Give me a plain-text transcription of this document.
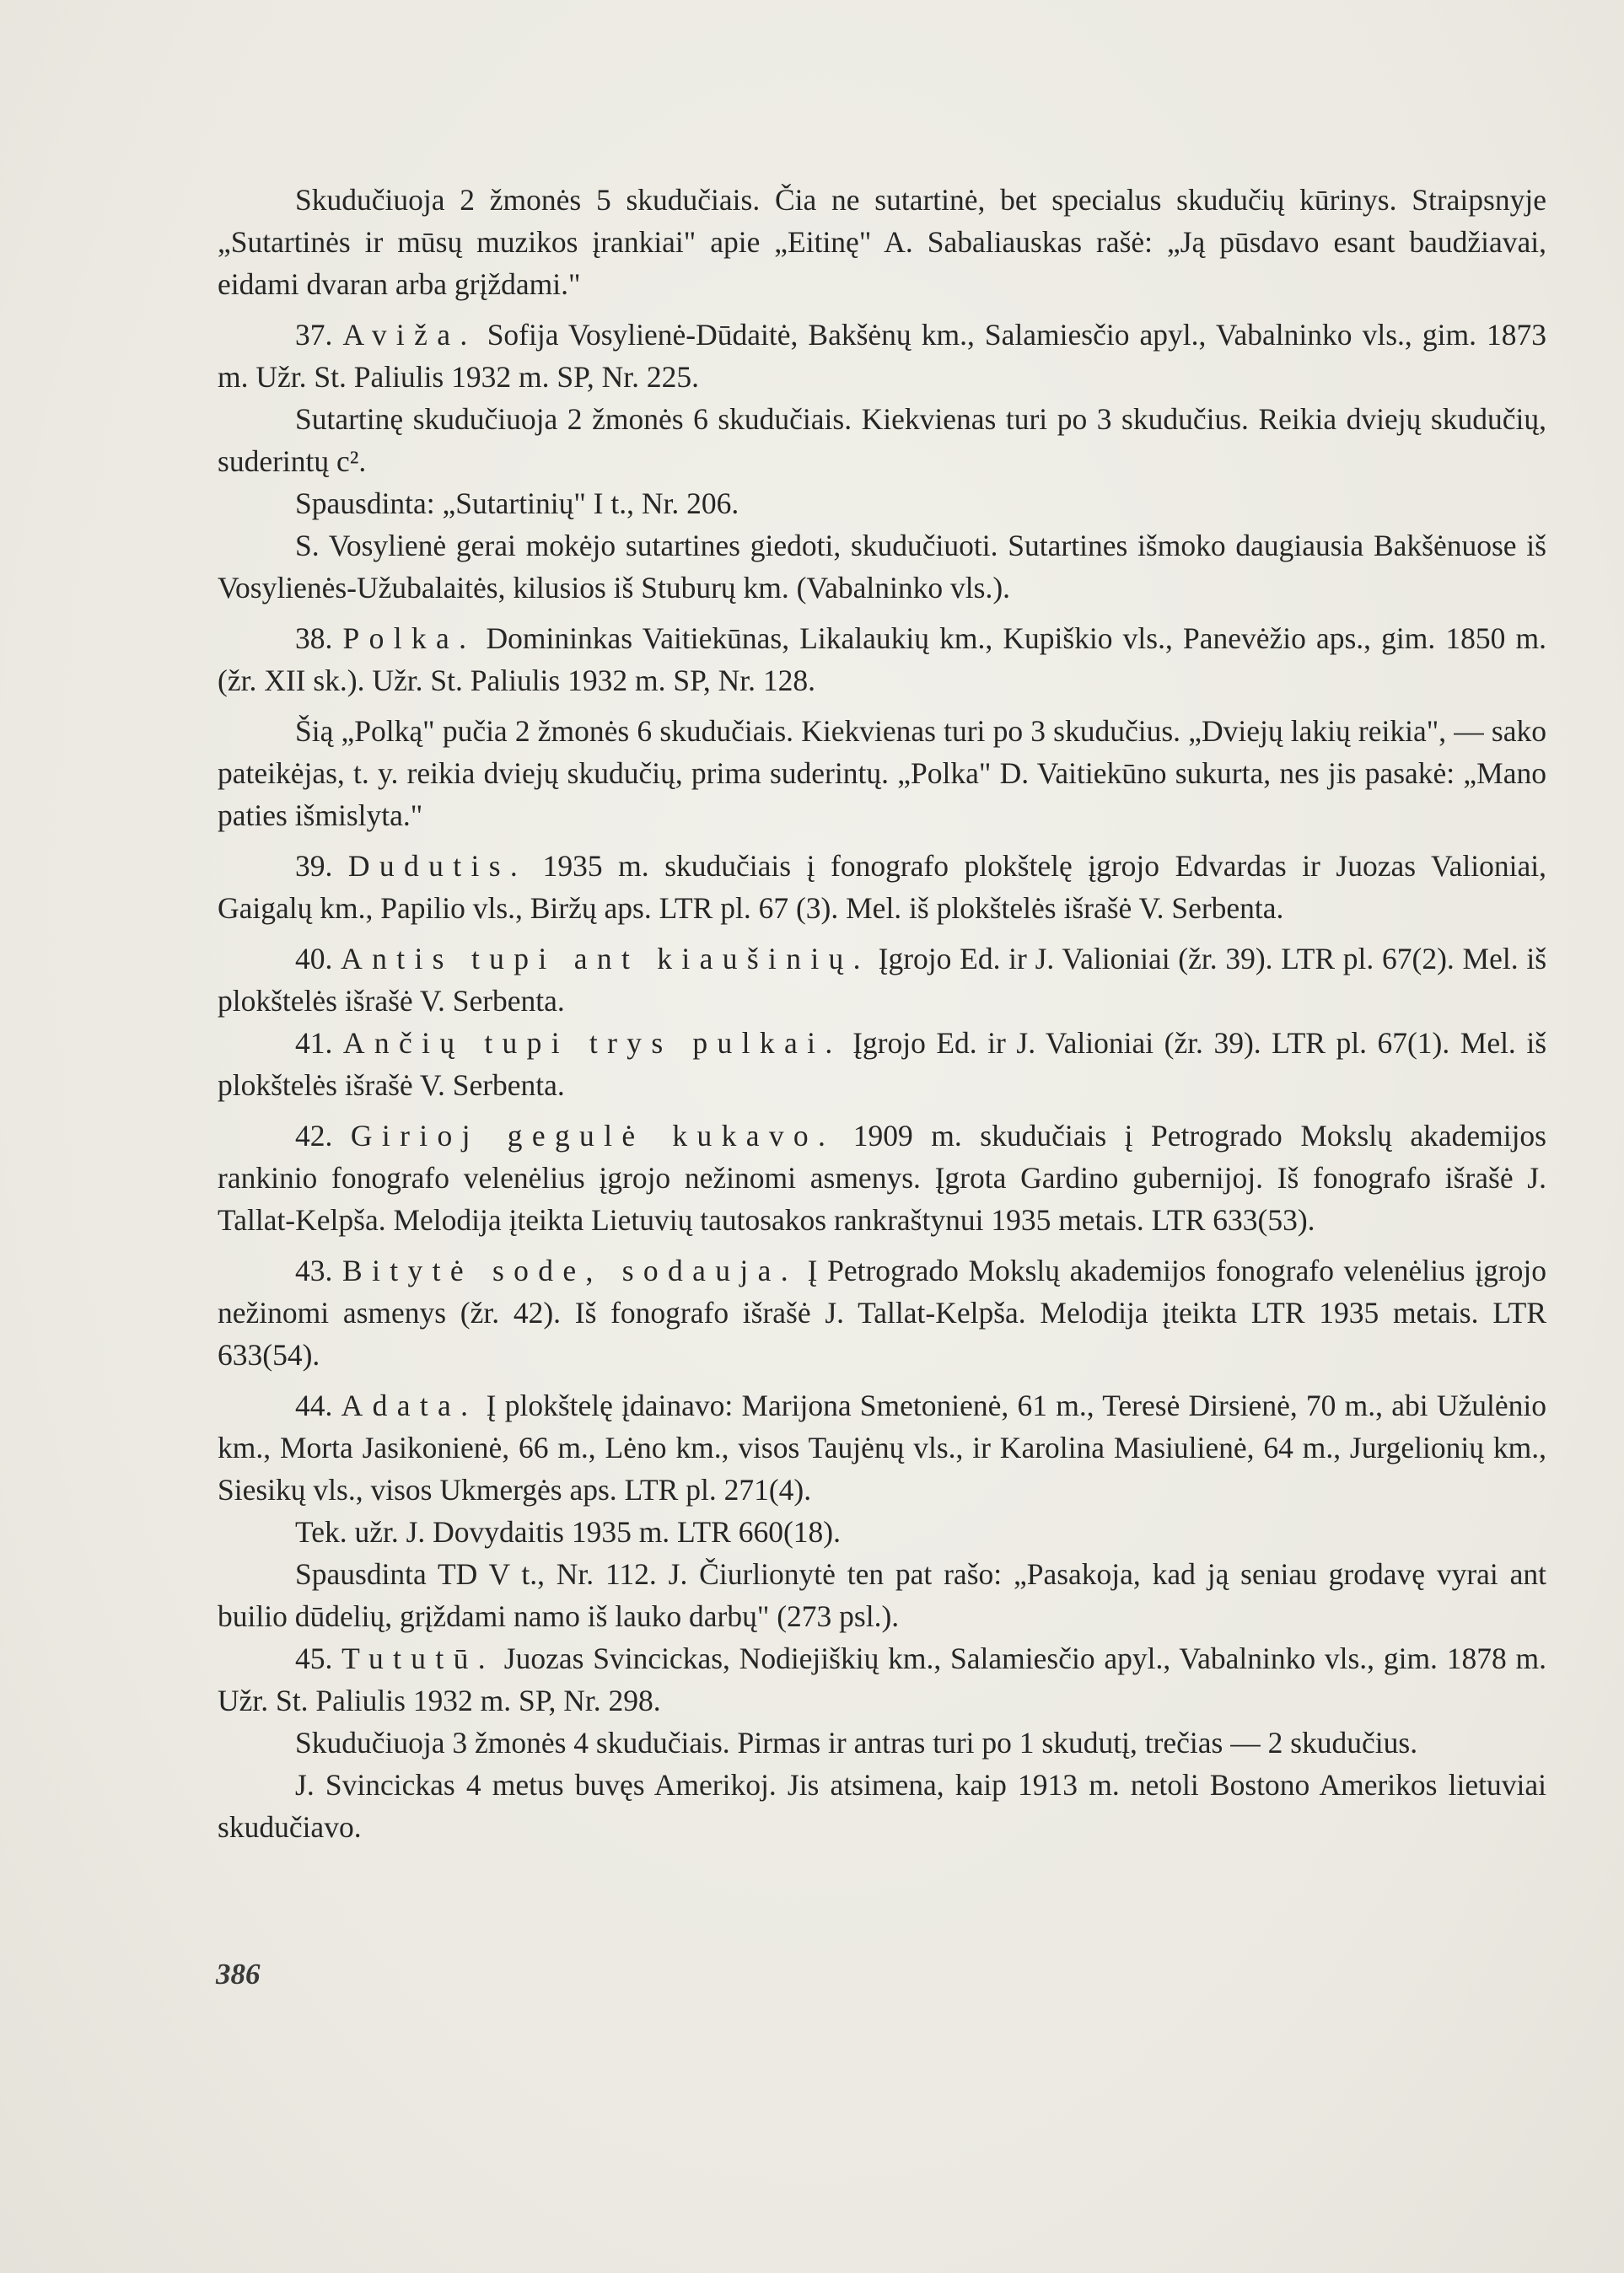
Skudučiuoja 2 žmonės 5 skudučiais. Čia ne sutartinė, bet specialus skudučių kūrinys. Straipsnyje „Sutartinės ir mūsų muzikos įrankiai" apie „Eitinę" A. Sabaliauskas rašė: „Ją pūsdavo esant baudžiavai, eidami dvaran arba grįždami."

37. Aviža. Sofija Vosylienė-Dūdaitė, Bakšėnų km., Salamiesčio apyl., Vabalninko vls., gim. 1873 m. Užr. St. Paliulis 1932 m. SP, Nr. 225.

Sutartinę skudučiuoja 2 žmonės 6 skudučiais. Kiekvienas turi po 3 skudučius. Reikia dviejų skudučių, suderintų c².

Spausdinta: „Sutartinių" I t., Nr. 206.

S. Vosylienė gerai mokėjo sutartines giedoti, skudučiuoti. Sutartines išmoko daugiausia Bakšėnuose iš Vosylienės-Užubalaitės, kilusios iš Stuburų km. (Vabalninko vls.).

38. Polka. Domininkas Vaitiekūnas, Likalaukių km., Kupiškio vls., Panevėžio aps., gim. 1850 m. (žr. XII sk.). Užr. St. Paliulis 1932 m. SP, Nr. 128.

Šią „Polką" pučia 2 žmonės 6 skudučiais. Kiekvienas turi po 3 skudučius. „Dviejų lakių reikia", — sako pateikėjas, t. y. reikia dviejų skudučių, prima suderintų. „Polka" D. Vaitiekūno sukurta, nes jis pasakė: „Mano paties išmislyta."

39. Dudutis. 1935 m. skudučiais į fonografo plokštelę įgrojo Edvardas ir Juozas Valioniai, Gaigalų km., Papilio vls., Biržų aps. LTR pl. 67 (3). Mel. iš plokštelės išrašė V. Serbenta.

40. Antis tupi ant kiaušinių. Įgrojo Ed. ir J. Valioniai (žr. 39). LTR pl. 67(2). Mel. iš plokštelės išrašė V. Serbenta.

41. Ančių tupi trys pulkai. Įgrojo Ed. ir J. Valioniai (žr. 39). LTR pl. 67(1). Mel. iš plokštelės išrašė V. Serbenta.

42. Girioj gegulė kukavo. 1909 m. skudučiais į Petrogrado Mokslų akademijos rankinio fonografo velenėlius įgrojo nežinomi asmenys. Įgrota Gardino gubernijoj. Iš fonografo išrašė J. Tallat-Kelpša. Melodija įteikta Lietuvių tautosakos rankraštynui 1935 metais. LTR 633(53).

43. Bitytė sode, sodauja. Į Petrogrado Mokslų akademijos fonografo velenėlius įgrojo nežinomi asmenys (žr. 42). Iš fonografo išrašė J. Tallat-Kelpša. Melodija įteikta LTR 1935 metais. LTR 633(54).

44. Adata. Į plokštelę įdainavo: Marijona Smetonienė, 61 m., Teresė Dirsienė, 70 m., abi Užulėnio km., Morta Jasikonienė, 66 m., Lėno km., visos Taujėnų vls., ir Karolina Masiulienė, 64 m., Jurgelionių km., Siesikų vls., visos Ukmergės aps. LTR pl. 271(4).

Tek. užr. J. Dovydaitis 1935 m. LTR 660(18).

Spausdinta TD V t., Nr. 112. J. Čiurlionytė ten pat rašo: „Pasakoja, kad ją seniau grodavę vyrai ant builio dūdelių, grįždami namo iš lauko darbų" (273 psl.).

45. Tututū. Juozas Svincickas, Nodiejiškių km., Salamiesčio apyl., Vabalninko vls., gim. 1878 m. Užr. St. Paliulis 1932 m. SP, Nr. 298.

Skudučiuoja 3 žmonės 4 skudučiais. Pirmas ir antras turi po 1 skudutį, trečias — 2 skudučius.

J. Svincickas 4 metus buvęs Amerikoj. Jis atsimena, kaip 1913 m. netoli Bostono Amerikos lietuviai skudučiavo.

386
